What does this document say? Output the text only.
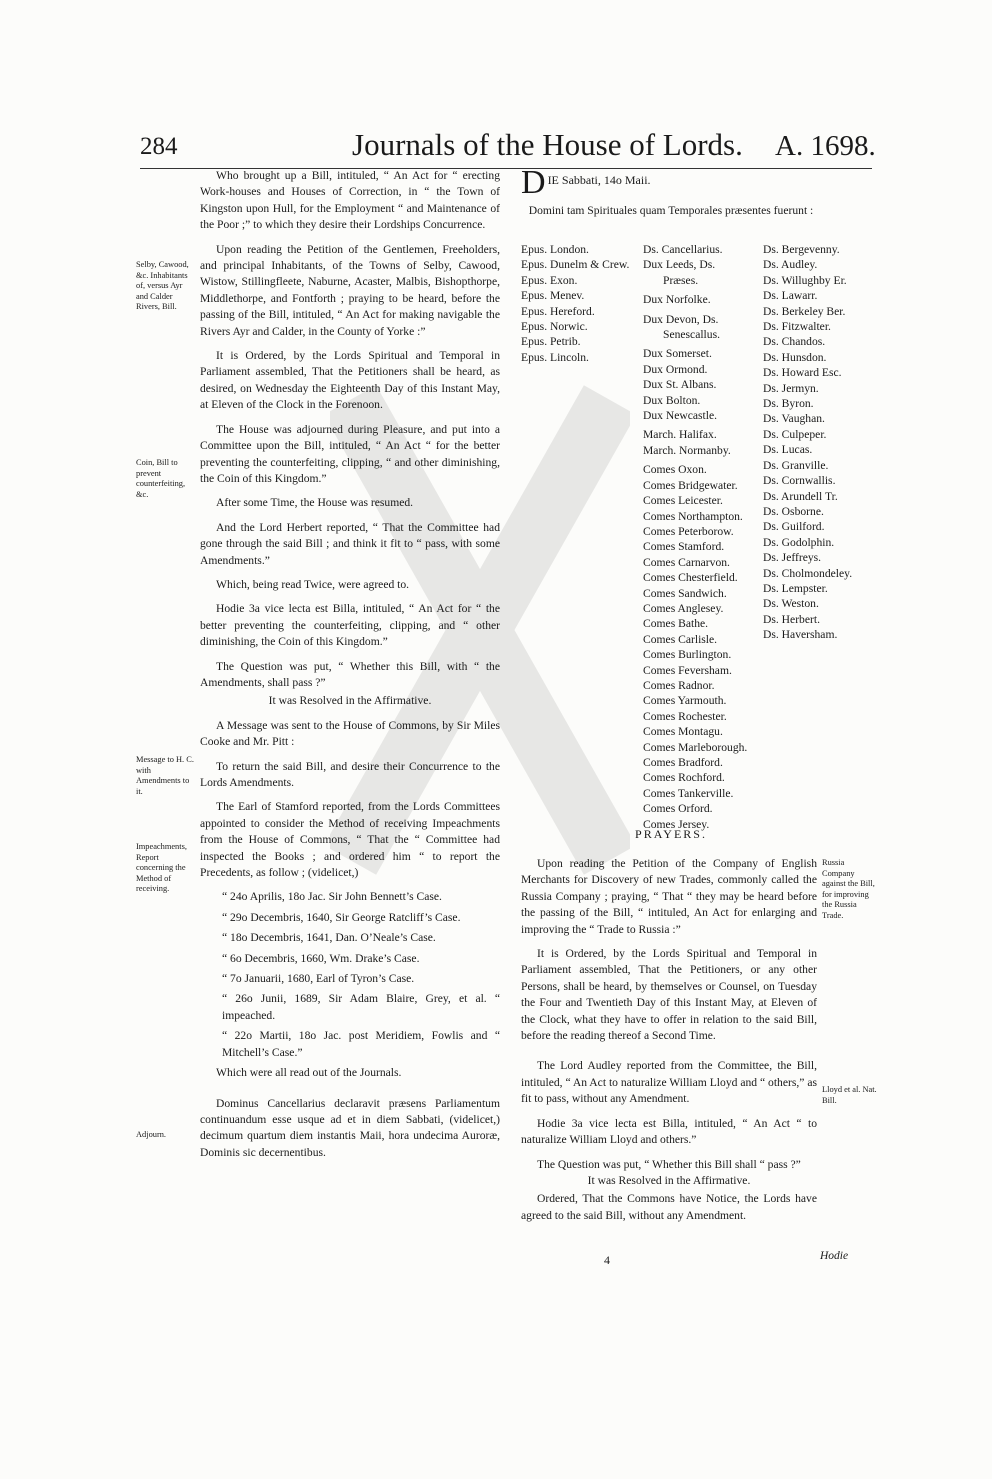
284	Journals of the House of Lords. A. 1698.

Who brought up a Bill, intituled, “ An Act for “ erecting Work-houses and Houses of Correction, in “ the Town of Kingston upon Hull, for the Employment “ and Maintenance of the Poor ;” to which they desire their Lordships Concurrence.

Upon reading the Petition of the Gentlemen, Freeholders, and principal Inhabitants, of the Towns of Selby, Cawood, Wistow, Stillingfleete, Naburne, Acaster, Malbis, Bishopthorpe, Middlethorpe, and Fontforth ; praying to be heard, before the passing of the Bill, intituled, “ An Act for making navigable the Rivers Ayr and Calder, in the County of Yorke :”

It is Ordered, by the Lords Spiritual and Temporal in Parliament assembled, That the Petitioners shall be heard, as desired, on Wednesday the Eighteenth Day of this Instant May, at Eleven of the Clock in the Forenoon.

The House was adjourned during Pleasure, and put into a Committee upon the Bill, intituled, “ An Act “ for the better preventing the counterfeiting, clipping, “ and other diminishing, the Coin of this Kingdom.”

After some Time, the House was resumed.

And the Lord Herbert reported, “ That the Committee had gone through the said Bill ; and think it fit to “ pass, with some Amendments.”

Which, being read Twice, were agreed to.

Hodie 3a vice lecta est Billa, intituled, “ An Act for “ the better preventing the counterfeiting, clipping, and “ other diminishing, the Coin of this Kingdom.”

The Question was put, “ Whether this Bill, with “ the Amendments, shall pass ?”

It was Resolved in the Affirmative.

A Message was sent to the House of Commons, by Sir Miles Cooke and Mr. Pitt :

To return the said Bill, and desire their Concurrence to the Lords Amendments.

The Earl of Stamford reported, from the Lords Committees appointed to consider the Method of receiving Impeachments from the House of Commons, “ That the “ Committee had inspected the Books ; and ordered him “ to report the Precedents, as follow ; (videlicet,)

“ 24o Aprilis, 18o Jac. Sir John Bennett’s Case.

“ 29o Decembris, 1640, Sir George Ratcliff’s Case.

“ 18o Decembris, 1641, Dan. O’Neale’s Case.

“ 6o Decembris, 1660, Wm. Drake’s Case.

“ 7o Januarii, 1680, Earl of Tyron’s Case.

“ 26o Junii, 1689, Sir Adam Blaire, Grey, et al. “ impeached.

“ 22o Martii, 18o Jac. post Meridiem, Fowlis and “ Mitchell’s Case.”

Which were all read out of the Journals.

Dominus Cancellarius declaravit præsens Parliamentum continuandum esse usque ad et in diem Sabbati, (videlicet,) decimum quartum diem instantis Maii, hora undecima Auroræ, Dominis sic decernentibus.

Selby, Cawood, &c. Inhabitants of, versus Ayr and Calder Rivers, Bill.
Coin, Bill to prevent counterfeiting, &c.
Message to H. C. with Amendments to it.
Impeachments, Report concerning the Method of receiving.
Adjourn.
D IE Sabbati, 14o Maii.
Domini tam Spirituales quam Temporales præsentes fuerunt :
Epus. London.
Epus. Dunelm & Crew.
Epus. Exon.
Epus. Menev.
Epus. Hereford.
Epus. Norwic.
Epus. Petrib.
Epus. Lincoln.
Ds. Cancellarius.
Dux Leeds, Ds.
Præses.
Dux Norfolke.
Dux Devon, Ds.
Senescallus.
Dux Somerset.
Dux Ormond.
Dux St. Albans.
Dux Bolton.
Dux Newcastle.
March. Halifax.
March. Normanby.
Comes Oxon.
Comes Bridgewater.
Comes Leicester.
Comes Northampton.
Comes Peterborow.
Comes Stamford.
Comes Carnarvon.
Comes Chesterfield.
Comes Sandwich.
Comes Anglesey.
Comes Bathe.
Comes Carlisle.
Comes Burlington.
Comes Feversham.
Comes Radnor.
Comes Yarmouth.
Comes Rochester.
Comes Montagu.
Comes Marleborough.
Comes Bradford.
Comes Rochford.
Comes Tankerville.
Comes Orford.
Comes Jersey.
Ds. Bergevenny.
Ds. Audley.
Ds. Willughby Er.
Ds. Lawarr.
Ds. Berkeley Ber.
Ds. Fitzwalter.
Ds. Chandos.
Ds. Hunsdon.
Ds. Howard Esc.
Ds. Jermyn.
Ds. Byron.
Ds. Vaughan.
Ds. Culpeper.
Ds. Lucas.
Ds. Granville.
Ds. Cornwallis.
Ds. Arundell Tr.
Ds. Osborne.
Ds. Guilford.
Ds. Godolphin.
Ds. Jeffreys.
Ds. Cholmondeley.
Ds. Lempster.
Ds. Weston.
Ds. Herbert.
Ds. Haversham.
PRAYERS.

Upon reading the Petition of the Company of English Merchants for Discovery of new Trades, commonly called the Russia Company ; praying, “ That “ they may be heard before the passing of the Bill, “ intituled, An Act for enlarging and improving the “ Trade to Russia :”

It is Ordered, by the Lords Spiritual and Temporal in Parliament assembled, That the Petitioners, or any other Persons, shall be heard, by themselves or Counsel, on Tuesday the Four and Twentieth Day of this Instant May, at Eleven of the Clock, what they have to offer in relation to the said Bill, before the reading thereof a Second Time.

The Lord Audley reported from the Committee, the Bill, intituled, “ An Act to naturalize William Lloyd and “ others,” as fit to pass, without any Amendment.

Hodie 3a vice lecta est Billa, intituled, “ An Act “ to naturalize William Lloyd and others.”

The Question was put, “ Whether this Bill shall “ pass ?”

It was Resolved in the Affirmative.

Ordered, That the Commons have Notice, the Lords have agreed to the said Bill, without any Amendment.

Russia Company against the Bill, for improving the Russia Trade.
Lloyd et al. Nat. Bill.
4	Hodie
